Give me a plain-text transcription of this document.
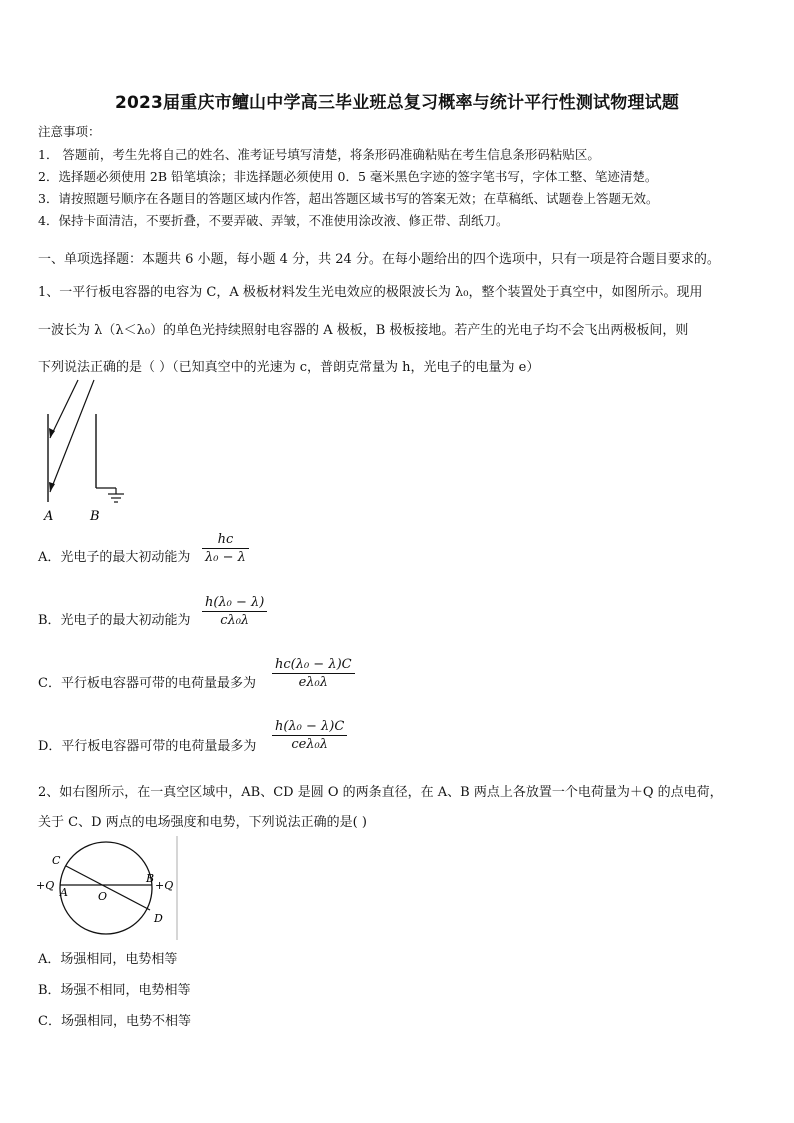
2023届重庆市鳣山中学高三毕业班总复习概率与统计平行性测试物理试题
注意事项：
1． 答题前，考生先将自己的姓名、准考证号填写清楚，将条形码准确粘贴在考生信息条形码粘贴区。
2．选择题必须使用 2B 铅笔填涂；非选择题必须使用 0．5 毫米黑色字迹的签字笔书写，字体工整、笔迹清楚。
3．请按照题号顺序在各题目的答题区域内作答，超出答题区域书写的答案无效；在草稿纸、试题卷上答题无效。
4．保持卡面清洁，不要折叠，不要弄破、弄皱，不准使用涂改液、修正带、刮纸刀。
一、单项选择题：本题共 6 小题，每小题 4 分，共 24 分。在每小题给出的四个选项中，只有一项是符合题目要求的。
1、一平行板电容器的电容为 C，A 极板材料发生光电效应的极限波长为 λ₀，整个装置处于真空中，如图所示。现用
一波长为 λ（λ＜λ₀）的单色光持续照射电容器的 A 极板，B 极板接地。若产生的光电子均不会飞出两极板间，则
下列说法正确的是（ ）（已知真空中的光速为 c，普朗克常量为 h，光电子的电量为 e）
A	B
A．光电子的最大初动能为
hc
λ₀ − λ
B．光电子的最大初动能为
h(λ₀ − λ)
cλ₀λ
C．平行板电容器可带的电荷量最多为
hc(λ₀ − λ)C
eλ₀λ
D．平行板电容器可带的电荷量最多为
h(λ₀ − λ)C
ceλ₀λ
2、如右图所示，在一真空区域中，AB、CD 是圆 O 的两条直径，在 A、B 两点上各放置一个电荷量为＋Q 的点电荷，
关于 C、D 两点的电场强度和电势，下列说法正确的是( )
C
+Q
A	O
B
+Q
D
A．场强相同，电势相等
B．场强不相同，电势相等
C．场强相同，电势不相等
